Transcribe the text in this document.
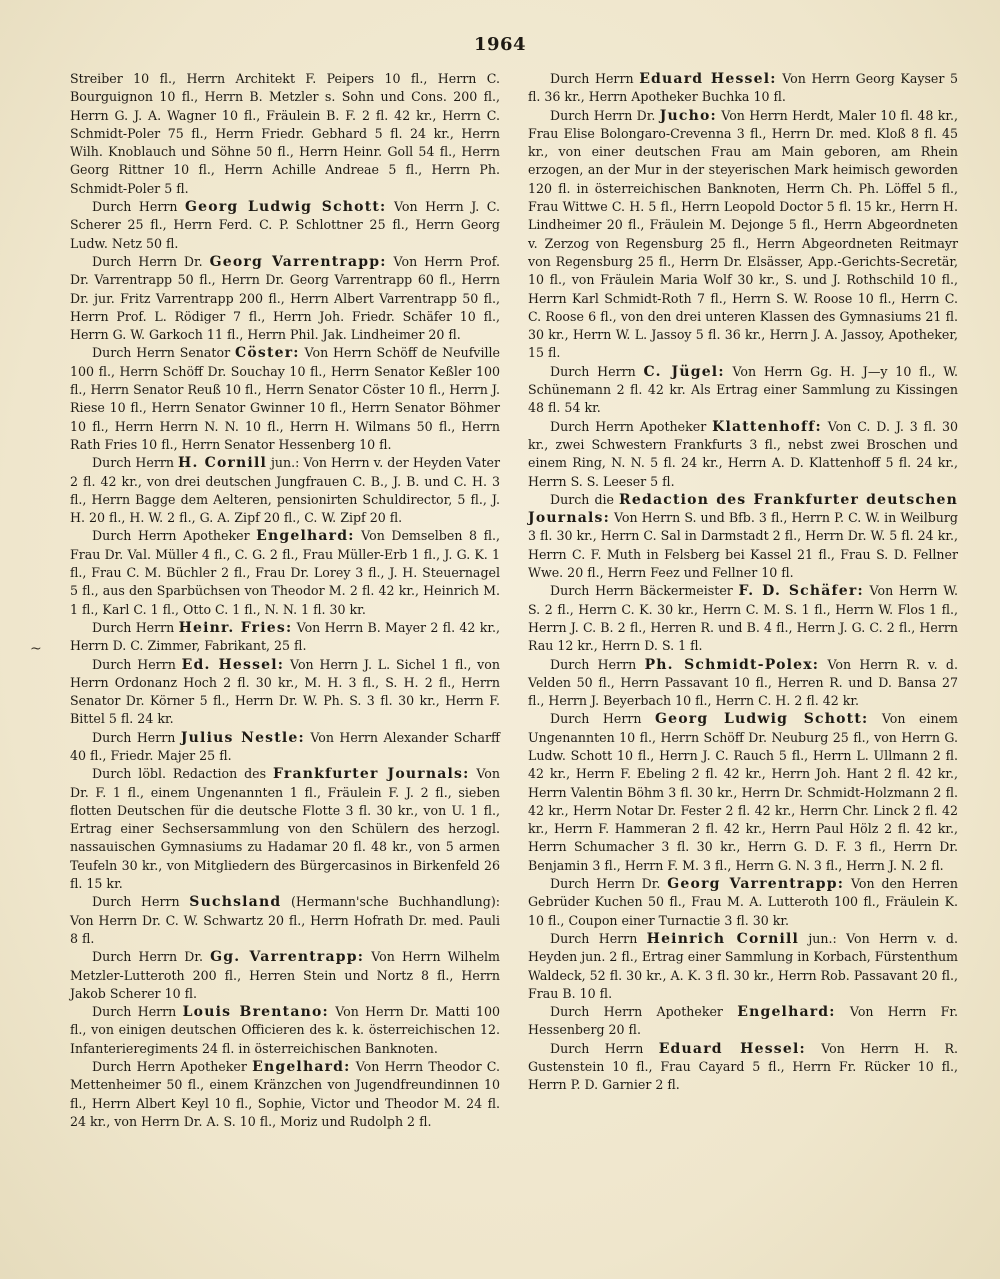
1964
~

Streiber 10 fl., Herrn Architekt F. Peipers 10 fl., Herrn C. Bourguignon 10 fl., Herrn B. Metzler s. Sohn und Cons. 200 fl., Herrn G. J. A. Wagner 10 fl., Fräulein B. F. 2 fl. 42 kr., Herrn C. Schmidt-Poler 75 fl., Herrn Friedr. Gebhard 5 fl. 24 kr., Herrn Wilh. Knoblauch und Söhne 50 fl., Herrn Heinr. Goll 54 fl., Herrn Georg Rittner 10 fl., Herrn Achille Andreae 5 fl., Herrn Ph. Schmidt-Poler 5 fl.

Durch Herrn Georg Ludwig Schott: Von Herrn J. C. Scherer 25 fl., Herrn Ferd. C. P. Schlottner 25 fl., Herrn Georg Ludw. Netz 50 fl.

Durch Herrn Dr. Georg Varrentrapp: Von Herrn Prof. Dr. Varrentrapp 50 fl., Herrn Dr. Georg Varrentrapp 60 fl., Herrn Dr. jur. Fritz Varrentrapp 200 fl., Herrn Albert Varrentrapp 50 fl., Herrn Prof. L. Rödiger 7 fl., Herrn Joh. Friedr. Schäfer 10 fl., Herrn G. W. Garkoch 11 fl., Herrn Phil. Jak. Lindheimer 20 fl.

Durch Herrn Senator Cöster: Von Herrn Schöff de Neufville 100 fl., Herrn Schöff Dr. Souchay 10 fl., Herrn Senator Keßler 100 fl., Herrn Senator Reuß 10 fl., Herrn Senator Cöster 10 fl., Herrn J. Riese 10 fl., Herrn Senator Gwinner 10 fl., Herrn Senator Böhmer 10 fl., Herrn Herrn N. N. 10 fl., Herrn H. Wilmans 50 fl., Herrn Rath Fries 10 fl., Herrn Senator Hessenberg 10 fl.

Durch Herrn H. Cornill jun.: Von Herrn v. der Heyden Vater 2 fl. 42 kr., von drei deutschen Jungfrauen C. B., J. B. und C. H. 3 fl., Herrn Bagge dem Aelteren, pensionirten Schuldirector, 5 fl., J. H. 20 fl., H. W. 2 fl., G. A. Zipf 20 fl., C. W. Zipf 20 fl.

Durch Herrn Apotheker Engelhard: Von Demselben 8 fl., Frau Dr. Val. Müller 4 fl., C. G. 2 fl., Frau Müller-Erb 1 fl., J. G. K. 1 fl., Frau C. M. Büchler 2 fl., Frau Dr. Lorey 3 fl., J. H. Steuernagel 5 fl., aus den Sparbüchsen von Theodor M. 2 fl. 42 kr., Heinrich M. 1 fl., Karl C. 1 fl., Otto C. 1 fl., N. N. 1 fl. 30 kr.

Durch Herrn Heinr. Fries: Von Herrn B. Mayer 2 fl. 42 kr., Herrn D. C. Zimmer, Fabrikant, 25 fl.

Durch Herrn Ed. Hessel: Von Herrn J. L. Sichel 1 fl., von Herrn Ordonanz Hoch 2 fl. 30 kr., M. H. 3 fl., S. H. 2 fl., Herrn Senator Dr. Körner 5 fl., Herrn Dr. W. Ph. S. 3 fl. 30 kr., Herrn F. Bittel 5 fl. 24 kr.

Durch Herrn Julius Nestle: Von Herrn Alexander Scharff 40 fl., Friedr. Majer 25 fl.

Durch löbl. Redaction des Frankfurter Journals: Von Dr. F. 1 fl., einem Ungenannten 1 fl., Fräulein F. J. 2 fl., sieben flotten Deutschen für die deutsche Flotte 3 fl. 30 kr., von U. 1 fl., Ertrag einer Sechsersammlung von den Schülern des herzogl. nassauischen Gymnasiums zu Hadamar 20 fl. 48 kr., von 5 armen Teufeln 30 kr., von Mitgliedern des Bürgercasinos in Birkenfeld 26 fl. 15 kr.

Durch Herrn Suchsland (Hermann'sche Buchhandlung): Von Herrn Dr. C. W. Schwartz 20 fl., Herrn Hofrath Dr. med. Pauli 8 fl.

Durch Herrn Dr. Gg. Varrentrapp: Von Herrn Wilhelm Metzler-Lutteroth 200 fl., Herren Stein und Nortz 8 fl., Herrn Jakob Scherer 10 fl.

Durch Herrn Louis Brentano: Von Herrn Dr. Matti 100 fl., von einigen deutschen Officieren des k. k. österreichischen 12. Infanterieregiments 24 fl. in österreichischen Banknoten.

Durch Herrn Apotheker Engelhard: Von Herrn Theodor C. Mettenheimer 50 fl., einem Kränzchen von Jugendfreundinnen 10 fl., Herrn Albert Keyl 10 fl., Sophie, Victor und Theodor M. 24 fl. 24 kr., von Herrn Dr. A. S. 10 fl., Moriz und Rudolph 2 fl.

Durch Herrn Eduard Hessel: Von Herrn Georg Kayser 5 fl. 36 kr., Herrn Apotheker Buchka 10 fl.

Durch Herrn Dr. Jucho: Von Herrn Herdt, Maler 10 fl. 48 kr., Frau Elise Bolongaro-Crevenna 3 fl., Herrn Dr. med. Kloß 8 fl. 45 kr., von einer deutschen Frau am Main geboren, am Rhein erzogen, an der Mur in der steyerischen Mark heimisch geworden 120 fl. in österreichischen Banknoten, Herrn Ch. Ph. Löffel 5 fl., Frau Wittwe C. H. 5 fl., Herrn Leopold Doctor 5 fl. 15 kr., Herrn H. Lindheimer 20 fl., Fräulein M. Dejonge 5 fl., Herrn Abgeordneten v. Zerzog von Regensburg 25 fl., Herrn Abgeordneten Reitmayr von Regensburg 25 fl., Herrn Dr. Elsässer, App.-Gerichts-Secretär, 10 fl., von Fräulein Maria Wolf 30 kr., S. und J. Rothschild 10 fl., Herrn Karl Schmidt-Roth 7 fl., Herrn S. W. Roose 10 fl., Herrn C. C. Roose 6 fl., von den drei unteren Klassen des Gymnasiums 21 fl. 30 kr., Herrn W. L. Jassoy 5 fl. 36 kr., Herrn J. A. Jassoy, Apotheker, 15 fl.

Durch Herrn C. Jügel: Von Herrn Gg. H. J—y 10 fl., W. Schünemann 2 fl. 42 kr. Als Ertrag einer Sammlung zu Kissingen 48 fl. 54 kr.

Durch Herrn Apotheker Klattenhoff: Von C. D. J. 3 fl. 30 kr., zwei Schwestern Frankfurts 3 fl., nebst zwei Broschen und einem Ring, N. N. 5 fl. 24 kr., Herrn A. D. Klattenhoff 5 fl. 24 kr., Herrn S. S. Leeser 5 fl.

Durch die Redaction des Frankfurter deutschen Journals: Von Herrn S. und Bfb. 3 fl., Herrn P. C. W. in Weilburg 3 fl. 30 kr., Herrn C. Sal in Darmstadt 2 fl., Herrn Dr. W. 5 fl. 24 kr., Herrn C. F. Muth in Felsberg bei Kassel 21 fl., Frau S. D. Fellner Wwe. 20 fl., Herrn Feez und Fellner 10 fl.

Durch Herrn Bäckermeister F. D. Schäfer: Von Herrn W. S. 2 fl., Herrn C. K. 30 kr., Herrn C. M. S. 1 fl., Herrn W. Flos 1 fl., Herrn J. C. B. 2 fl., Herren R. und B. 4 fl., Herrn J. G. C. 2 fl., Herrn Rau 12 kr., Herrn D. S. 1 fl.

Durch Herrn Ph. Schmidt-Polex: Von Herrn R. v. d. Velden 50 fl., Herrn Passavant 10 fl., Herren R. und D. Bansa 27 fl., Herrn J. Beyerbach 10 fl., Herrn C. H. 2 fl. 42 kr.

Durch Herrn Georg Ludwig Schott: Von einem Ungenannten 10 fl., Herrn Schöff Dr. Neuburg 25 fl., von Herrn G. Ludw. Schott 10 fl., Herrn J. C. Rauch 5 fl., Herrn L. Ullmann 2 fl. 42 kr., Herrn F. Ebeling 2 fl. 42 kr., Herrn Joh. Hant 2 fl. 42 kr., Herrn Valentin Böhm 3 fl. 30 kr., Herrn Dr. Schmidt-Holzmann 2 fl. 42 kr., Herrn Notar Dr. Fester 2 fl. 42 kr., Herrn Chr. Linck 2 fl. 42 kr., Herrn F. Hammeran 2 fl. 42 kr., Herrn Paul Hölz 2 fl. 42 kr., Herrn Schumacher 3 fl. 30 kr., Herrn G. D. F. 3 fl., Herrn Dr. Benjamin 3 fl., Herrn F. M. 3 fl., Herrn G. N. 3 fl., Herrn J. N. 2 fl.

Durch Herrn Dr. Georg Varrentrapp: Von den Herren Gebrüder Kuchen 50 fl., Frau M. A. Lutteroth 100 fl., Fräulein K. 10 fl., Coupon einer Turnactie 3 fl. 30 kr.

Durch Herrn Heinrich Cornill jun.: Von Herrn v. d. Heyden jun. 2 fl., Ertrag einer Sammlung in Korbach, Fürstenthum Waldeck, 52 fl. 30 kr., A. K. 3 fl. 30 kr., Herrn Rob. Passavant 20 fl., Frau B. 10 fl.

Durch Herrn Apotheker Engelhard: Von Herrn Fr. Hessenberg 20 fl.

Durch Herrn Eduard Hessel: Von Herrn H. R. Gustenstein 10 fl., Frau Cayard 5 fl., Herrn Fr. Rücker 10 fl., Herrn P. D. Garnier 2 fl.
